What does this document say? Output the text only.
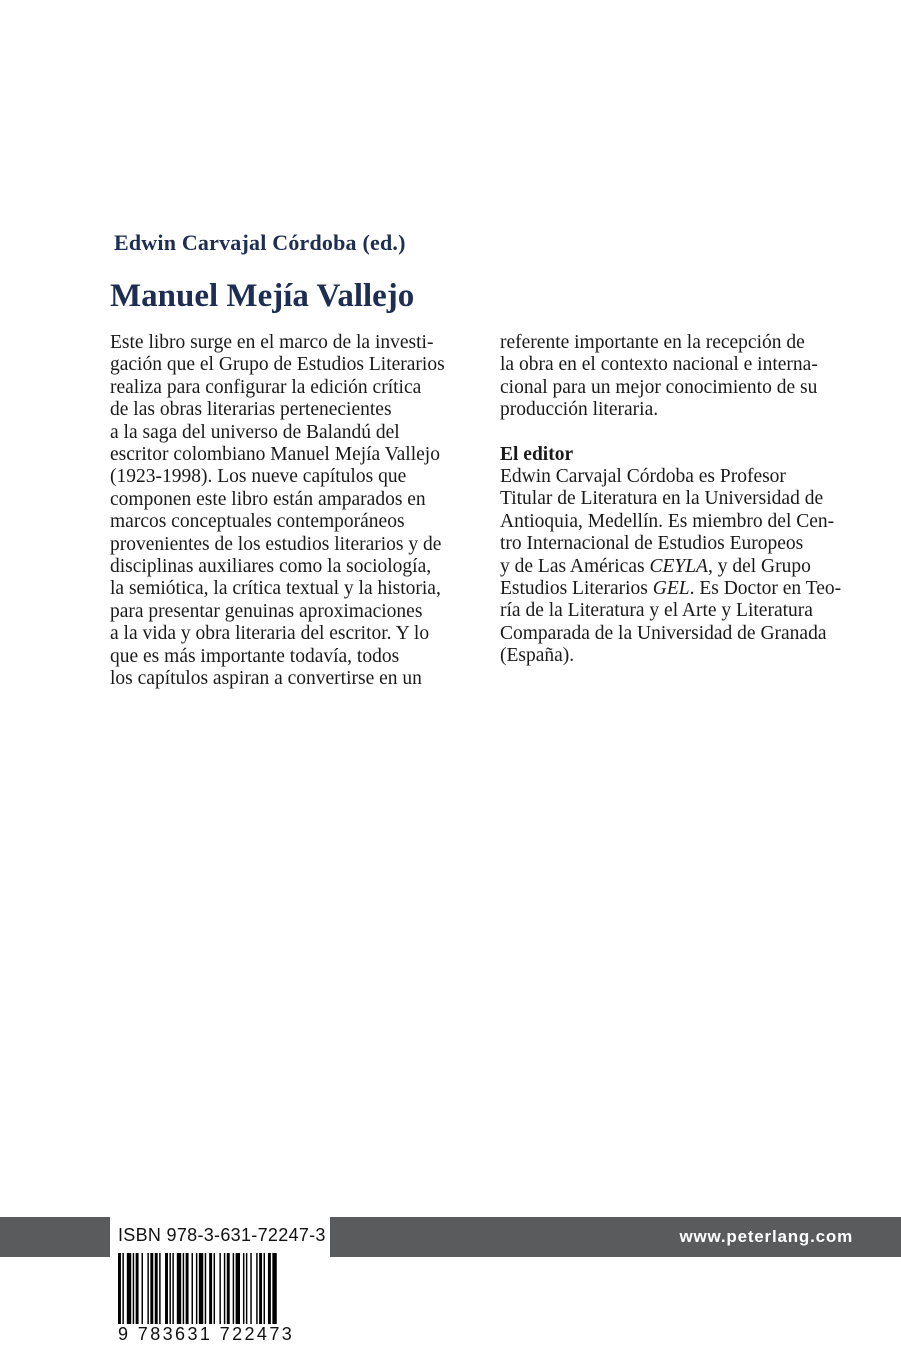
Edwin Carvajal Córdoba (ed.)
Manuel Mejía Vallejo
Este libro surge en el marco de la investi-
gación que el Grupo de Estudios Literarios
realiza para configurar la edición crítica
de las obras literarias pertenecientes
a la saga del universo de Balandú del
escritor colombiano Manuel Mejía Vallejo
(1923-1998). Los nueve capítulos que
componen este libro están amparados en
marcos conceptuales contemporáneos
provenientes de los estudios literarios y de
disciplinas auxiliares como la sociología,
la semiótica, la crítica textual y la historia,
para presentar genuinas aproximaciones
a la vida y obra literaria del escritor. Y lo
que es más importante todavía, todos
los capítulos aspiran a convertirse en un
referente importante en la recepción de
la obra en el contexto nacional e interna-
cional para un mejor conocimiento de su
producción literaria.
El editor
Edwin Carvajal Córdoba es Profesor
Titular de Literatura en la Universidad de
Antioquia, Medellín. Es miembro del Cen-
tro Internacional de Estudios Europeos
y de Las Américas CEYLA, y del Grupo
Estudios Literarios GEL. Es Doctor en Teo-
ría de la Literatura y el Arte y Literatura
Comparada de la Universidad de Granada
(España).
ISBN 978-3-631-72247-3
9 783631 722473
www.peterlang.com
